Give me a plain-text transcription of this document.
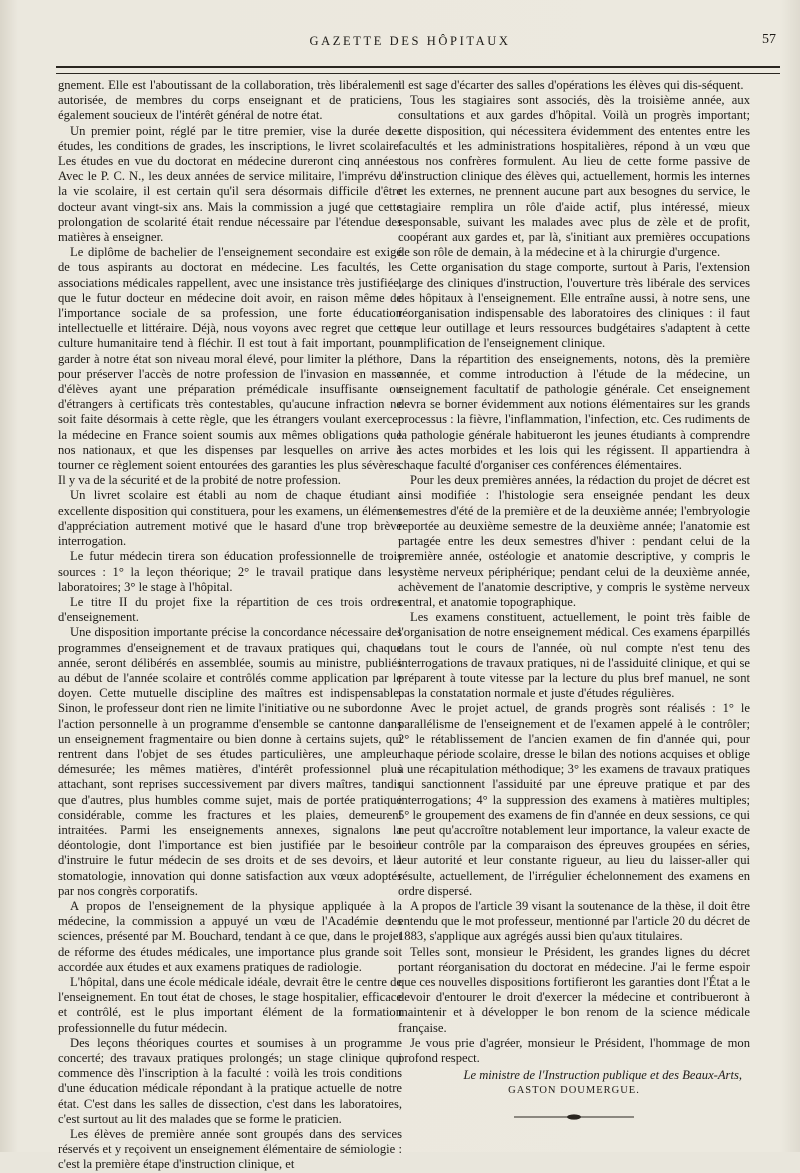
GAZETTE DES HÔPITAUX	57

gnement. Elle est l'aboutissant de la collaboration, très libéralement autorisée, de membres du corps enseignant et de praticiens, également soucieux de l'intérêt général de notre état.

Un premier point, réglé par le titre premier, vise la durée des études, les conditions de grades, les inscriptions, le livret scolaire. Les études en vue du doctorat en médecine dureront cinq années. Avec le P. C. N., les deux années de service militaire, l'imprévu de la vie scolaire, il est certain qu'il sera désormais difficile d'être docteur avant vingt-six ans. Mais la commission a jugé que cette prolongation de scolarité était rendue nécessaire par l'étendue des matières à enseigner.

Le diplôme de bachelier de l'enseignement secondaire est exigé de tous aspirants au doctorat en médecine. Les facultés, les associations médicales rappellent, avec une insistance très justifiée, que le futur docteur en médecine doit avoir, en raison même de l'importance sociale de sa profession, une forte éducation intellectuelle et littéraire. Déjà, nous voyons avec regret que cette culture humanitaire tend à fléchir. Il est tout à fait important, pour garder à notre état son niveau moral élevé, pour limiter la pléthore, pour préserver l'accès de notre profession de l'invasion en masse d'élèves ayant une préparation prémédicale insuffisante ou d'étrangers à certificats très contestables, qu'aucune infraction ne soit faite désormais à cette règle, que les étrangers voulant exercer la médecine en France soient soumis aux mêmes obligations que nos nationaux, et que les dispenses par lesquelles on arrive à tourner ce règlement soient entourées des garanties les plus sévères. Il y va de la sécurité et de la probité de notre profession.

Un livret scolaire est établi au nom de chaque étudiant : excellente disposition qui constituera, pour les examens, un élément d'appréciation autrement motivé que le hasard d'une trop brève interrogation.

Le futur médecin tirera son éducation professionnelle de trois sources : 1° la leçon théorique; 2° le travail pratique dans les laboratoires; 3° le stage à l'hôpital.

Le titre II du projet fixe la répartition de ces trois ordres d'enseignement.

Une disposition importante précise la concordance nécessaire des programmes d'enseignement et de travaux pratiques qui, chaque année, seront délibérés en assemblée, soumis au ministre, publiés au début de l'année scolaire et contrôlés comme application par le doyen. Cette mutuelle discipline des maîtres est indispensable. Sinon, le professeur dont rien ne limite l'initiative ou ne subordonne l'action personnelle à un programme d'ensemble se cantonne dans un enseignement fragmentaire ou bien donne à certains sujets, qui rentrent dans l'objet de ses études particulières, une ampleur démesurée; les mêmes matières, d'intérêt professionnel plus attachant, sont reprises successivement par divers maîtres, tandis que d'autres, plus humbles comme sujet, mais de portée pratique considérable, comme les fractures et les plaies, demeurent intraitées. Parmi les enseignements annexes, signalons la déontologie, dont l'importance est bien justifiée par le besoin d'instruire le futur médecin de ses droits et de ses devoirs, et la stomatologie, innovation qui donne satisfaction aux vœux adoptés par nos congrès corporatifs.

A propos de l'enseignement de la physique appliquée à la médecine, la commission a appuyé un vœu de l'Académie des sciences, présenté par M. Bouchard, tendant à ce que, dans le projet de réforme des études médicales, une importance plus grande soit accordée aux études et aux examens pratiques de radiologie.

L'hôpital, dans une école médicale idéale, devrait être le centre de l'enseignement. En tout état de choses, le stage hospitalier, efficace et contrôlé, est le plus important élément de la formation professionnelle du futur médecin.

Des leçons théoriques courtes et soumises à un programme concerté; des travaux pratiques prolongés; un stage clinique qui commence dès l'inscription à la faculté : voilà les trois conditions d'une éducation médicale répondant à la pratique actuelle de notre état. C'est dans les salles de dissection, c'est dans les laboratoires, c'est surtout au lit des malades que se forme le praticien.

Les élèves de première année sont groupés dans des services réservés et y reçoivent un enseignement élémentaire de sémiologie : c'est la première étape d'instruction clinique, et

il est sage d'écarter des salles d'opérations les élèves qui dis-séquent.

Tous les stagiaires sont associés, dès la troisième année, aux consultations et aux gardes d'hôpital. Voilà un progrès important; cette disposition, qui nécessitera évidemment des ententes entre les facultés et les administrations hospitalières, répond à un vœu que tous nos confrères formulent. Au lieu de cette forme passive de l'instruction clinique des élèves qui, actuellement, hormis les internes et les externes, ne prennent aucune part aux besognes du service, le stagiaire remplira un rôle d'aide actif, plus intéressé, mieux responsable, suivant les malades avec plus de zèle et de profit, coopérant aux gardes et, par là, s'initiant aux premières occupations de son rôle de demain, à la médecine et à la chirurgie d'urgence.

Cette organisation du stage comporte, surtout à Paris, l'extension large des cliniques d'instruction, l'ouverture très libérale des services des hôpitaux à l'enseignement. Elle entraîne aussi, à notre sens, une réorganisation indispensable des laboratoires des cliniques : il faut que leur outillage et leurs ressources budgétaires s'adaptent à cette amplification de l'enseignement clinique.

Dans la répartition des enseignements, notons, dès la première année, et comme introduction à l'étude de la médecine, un enseignement facultatif de pathologie générale. Cet enseignement devra se borner évidemment aux notions élémentaires sur les grands processus : la fièvre, l'inflammation, l'infection, etc. Ces rudiments de la pathologie générale habitueront les jeunes étudiants à comprendre les actes morbides et les lois qui les régissent. Il appartiendra à chaque faculté d'organiser ces conférences élémentaires.

Pour les deux premières années, la rédaction du projet de décret est ainsi modifiée : l'histologie sera enseignée pendant les deux semestres d'été de la première et de la deuxième année; l'embryologie reportée au deuxième semestre de la deuxième année; l'anatomie est partagée entre les deux semestres d'hiver : pendant celui de la première année, ostéologie et anatomie descriptive, y compris le système nerveux périphérique; pendant celui de la deuxième année, achèvement de l'anatomie descriptive, y compris le système nerveux central, et anatomie topographique.

Les examens constituent, actuellement, le point très faible de l'organisation de notre enseignement médical. Ces examens éparpillés dans tout le cours de l'année, où nul compte n'est tenu des interrogations de travaux pratiques, ni de l'assiduité clinique, et qui se préparent à toute vitesse par la lecture du plus bref manuel, ne sont pas la constatation normale et juste d'études régulières.

Avec le projet actuel, de grands progrès sont réalisés : 1° le parallélisme de l'enseignement et de l'examen appelé à le contrôler; 2° le rétablissement de l'ancien examen de fin d'année qui, pour chaque période scolaire, dresse le bilan des notions acquises et oblige à une récapitulation méthodique; 3° les examens de travaux pratiques qui sanctionnent l'assiduité par une épreuve pratique et par des interrogations; 4° la suppression des examens à matières multiples; 5° le groupement des examens de fin d'année en deux sessions, ce qui ne peut qu'accroître notablement leur importance, la valeur exacte de leur contrôle par la comparaison des épreuves groupées en séries, leur autorité et leur constante rigueur, au lieu du laisser-aller qui résulte, actuellement, de l'irrégulier échelonnement des examens en ordre dispersé.

A propos de l'article 39 visant la soutenance de la thèse, il doit être entendu que le mot professeur, mentionné par l'article 20 du décret de 1883, s'applique aux agrégés aussi bien qu'aux titulaires.

Telles sont, monsieur le Président, les grandes lignes du décret portant réorganisation du doctorat en médecine. J'ai le ferme espoir que ces nouvelles dispositions fortifieront les garanties dont l'État a le devoir d'entourer le droit d'exercer la médecine et contribueront à maintenir et à développer le bon renom de la science médicale française.

Je vous prie d'agréer, monsieur le Président, l'hommage de mon profond respect.

Le ministre de l'Instruction publique et des Beaux-Arts,
GASTON DOUMERGUE.
